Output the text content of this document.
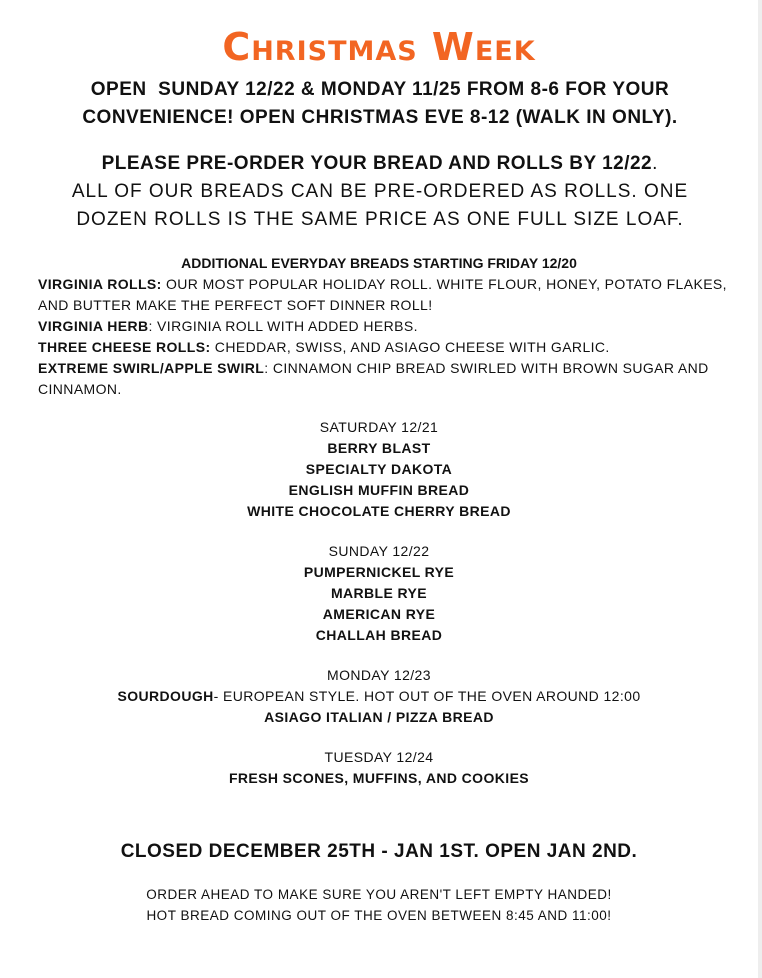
Christmas Week
OPEN  SUNDAY 12/22 & MONDAY 11/25 FROM 8-6 FOR YOUR
CONVENIENCE! OPEN CHRISTMAS EVE 8-12 (WALK IN ONLY).
PLEASE PRE-ORDER YOUR BREAD AND ROLLS BY 12/22.
ALL OF OUR BREADS CAN BE PRE-ORDERED AS ROLLS. ONE
DOZEN ROLLS IS THE SAME PRICE AS ONE FULL SIZE LOAF.
ADDITIONAL EVERYDAY BREADS STARTING FRIDAY 12/20
VIRGINIA ROLLS: OUR MOST POPULAR HOLIDAY ROLL. WHITE FLOUR, HONEY, POTATO FLAKES, AND BUTTER MAKE THE PERFECT SOFT DINNER ROLL!
VIRGINIA HERB: VIRGINIA ROLL WITH ADDED HERBS.
THREE CHEESE ROLLS: CHEDDAR, SWISS, AND ASIAGO CHEESE WITH GARLIC.
EXTREME SWIRL/APPLE SWIRL: CINNAMON CHIP BREAD SWIRLED WITH BROWN SUGAR AND CINNAMON.
SATURDAY 12/21
BERRY BLAST
SPECIALTY DAKOTA
ENGLISH MUFFIN BREAD
WHITE CHOCOLATE CHERRY BREAD
SUNDAY 12/22
PUMPERNICKEL RYE
MARBLE RYE
AMERICAN RYE
CHALLAH BREAD
MONDAY 12/23
SOURDOUGH- EUROPEAN STYLE. HOT OUT OF THE OVEN AROUND 12:00
ASIAGO ITALIAN / PIZZA BREAD
TUESDAY 12/24
FRESH SCONES, MUFFINS, AND COOKIES
CLOSED DECEMBER 25TH - JAN 1ST. OPEN JAN 2ND.
ORDER AHEAD TO MAKE SURE YOU AREN'T LEFT EMPTY HANDED!
HOT BREAD COMING OUT OF THE OVEN BETWEEN 8:45 AND 11:00!
